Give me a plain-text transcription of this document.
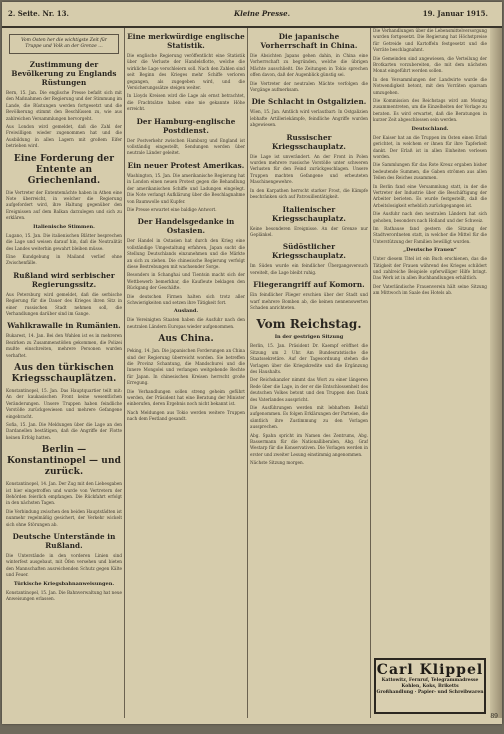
2. Seite. Nr. 13.	Kleine Presse.	19. Januar 1915.
Vom Osten her die wichtigste Zeit für Truppe und Volk an der Grenze …
Zustimmung der Bevölkerung zu Englands Rüstungen

Bern, 15. Jan. Die englische Presse befaßt sich mit den Maßnahmen der Regierung und der Stimmung im Lande, die Rüstungen werden fortgesetzt und die Bevölkerung stimmt den Beschlüssen zu, wie aus zahlreichen Versammlungen hervorgeht.

Aus London wird gemeldet, daß die Zahl der Freiwilligen wieder zugenommen hat und die Ausbildung in allen Lagern mit großem Eifer betrieben wird.

Eine Forderung der Entente an Griechenland.

Die Vertreter der Ententemächte haben in Athen eine Note überreicht, in welcher die Regierung aufgefordert wird, ihre Haltung gegenüber den Ereignissen auf dem Balkan darzulegen und sich zu erklären.

Italienische Stimmen.

Lugano, 15. Jan. Die italienischen Blätter besprechen die Lage und weisen darauf hin, daß die Neutralität des Landes weiterhin gewahrt bleiben müsse.

Eine Kundgebung in Mailand verlief ohne Zwischenfälle.

Rußland wird serbischer Regierungssitz.

Aus Petersburg wird gemeldet, daß die serbische Regierung für die Dauer des Krieges ihren Sitz in einer russischen Stadt nehmen soll, die Verhandlungen darüber sind im Gange.

Wahlkrawalle in Rumänien.

Bukarest, 14. Jan. Bei den Wahlen ist es in mehreren Bezirken zu Zusammenstößen gekommen, die Polizei mußte einschreiten, mehrere Personen wurden verhaftet.

Aus den türkischen Kriegsschauplätzen.

Konstantinopel, 15. Jan. Das Hauptquartier teilt mit: An der kaukasischen Front keine wesentlichen Veränderungen. Unsere Truppen haben feindliche Vorstöße zurückgewiesen und mehrere Gefangene eingebracht.

Sofia, 15. Jan. Die Meldungen über die Lage an den Dardanellen bestätigen, daß die Angriffe der Flotte keinen Erfolg hatten.

Berlin — Konstantinopel — und zurück.

Konstantinopel, 14. Jan. Der Zug mit den Liebesgaben ist hier eingetroffen und wurde von Vertretern der Behörden feierlich empfangen. Die Rückfahrt erfolgt in den nächsten Tagen.

Die Verbindung zwischen den beiden Hauptstädten ist nunmehr regelmäßig gesichert, der Verkehr wickelt sich ohne Störungen ab.

Deutsche Unterstände in Rußland.

Die Unterstände in den vorderen Linien sind winterfest ausgebaut, mit Öfen versehen und bieten den Mannschaften ausreichenden Schutz gegen Kälte und Feuer.

Türkische Kriegsbahnanweisungen.

Konstantinopel, 15. Jan. Die Bahnverwaltung hat neue Anweisungen erlassen.

Eine merkwürdige englische Statistik.

Die englische Regierung veröffentlicht eine Statistik über die Verluste der Handelsflotte, welche die wirkliche Lage verschleiern soll. Nach den Zahlen sind seit Beginn des Krieges mehr Schiffe verloren gegangen, als zugegeben wird, und die Versicherungssätze steigen weiter.

In Lloyds Kreisen wird die Lage als ernst betrachtet, die Frachtsätze haben eine nie gekannte Höhe erreicht.

Der Hamburg-englische Postdienst.

Der Postverkehr zwischen Hamburg und England ist vollständig eingestellt, Sendungen werden über neutrale Länder geleitet.

Ein neuer Protest Amerikas.

Washington, 15. Jan. Die amerikanische Regierung hat in London einen neuen Protest gegen die Behandlung der amerikanischen Schiffe und Ladungen eingelegt. Die Note verlangt Aufklärung über die Beschlagnahme von Baumwolle und Kupfer.

Die Presse erwartet eine baldige Antwort.

Der Handelsgedanke in Ostasien.

Der Handel in Ostasien hat durch den Krieg eine vollständige Umgestaltung erfahren, Japan sucht die Stellung Deutschlands einzunehmen und die Märkte an sich zu ziehen. Die chinesische Regierung verfolgt diese Bestrebungen mit wachsender Sorge.

Besonders in Schanghai und Tientsin macht sich der Wettbewerb bemerkbar, die Kaufleute beklagen den Rückgang der Geschäfte.

Die deutschen Firmen halten sich trotz aller Schwierigkeiten und setzen ihre Tätigkeit fort.

Ausland.

Die Vereinigten Staaten haben die Ausfuhr nach den neutralen Ländern Europas wieder aufgenommen.

Aus China.

Peking, 14. Jan. Die japanischen Forderungen an China sind der Regierung überreicht worden. Sie betreffen die Provinz Schantung, die Mandschurei und die Innere Mongolei und verlangen weitgehende Rechte für Japan. In chinesischen Kreisen herrscht große Erregung.

Die Verhandlungen sollen streng geheim geführt werden, der Präsident hat eine Beratung der Minister einberufen, deren Ergebnis noch nicht bekannt ist.

Nach Meldungen aus Tokio werden weitere Truppen nach dem Festland gesandt.

Die japanische Vorherrschaft in China.

Die Absichten Japans gehen dahin, in China eine Vorherrschaft zu begründen, welche die übrigen Mächte ausschließt. Die Zeitungen in Tokio sprechen offen davon, daß der Augenblick günstig sei.

Die Vertreter der neutralen Mächte verfolgen die Vorgänge aufmerksam.

Die Schlacht in Ostgalizien.

Wien, 15. Jan. Amtlich wird verlautbart: In Ostgalizien lebhafte Artilleriekämpfe, feindliche Angriffe wurden abgewiesen.

Russischer Kriegsschauplatz.

Die Lage ist unverändert. An der Front in Polen wurden mehrere russische Vorstöße unter schweren Verlusten für den Feind zurückgeschlagen. Unsere Truppen machten Gefangene und erbeuteten Maschinengewehre.

In den Karpathen herrscht starker Frost, die Kämpfe beschränken sich auf Patrouillentätigkeit.

Italienischer Kriegsschauplatz.

Keine besonderen Ereignisse. An der Grenze nur Geplänkel.

Südöstlicher Kriegsschauplatz.

Im Süden wurde ein feindlicher Übergangsversuch vereitelt, die Lage bleibt ruhig.

Fliegerangriff auf Komorn.

Ein feindlicher Flieger erschien über der Stadt und warf mehrere Bomben ab, die keinen nennenswerten Schaden anrichteten.

Vom Reichstag.
In der gestrigen Sitzung

Berlin, 15. Jan. Präsident Dr. Kaempf eröffnet die Sitzung um 2 Uhr. Am Bundesratstische die Staatssekretäre. Auf der Tagesordnung stehen die Vorlagen über die Kriegskredite und die Ergänzung des Haushalts.

Der Reichskanzler nimmt das Wort zu einer längeren Rede über die Lage, in der er die Entschlossenheit des deutschen Volkes betont und den Truppen den Dank des Vaterlandes ausspricht.

Die Ausführungen werden mit lebhaftem Beifall aufgenommen. Es folgen Erklärungen der Parteien, die sämtlich ihre Zustimmung zu den Vorlagen aussprechen.

Abg. Spahn spricht im Namen des Zentrums, Abg. Bassermann für die Nationalliberalen, Abg. Graf Westarp für die Konservativen. Die Vorlagen werden in erster und zweiter Lesung einstimmig angenommen.

Nächste Sitzung morgen.

Die Verhandlungen über die Lebensmittelversorgung wurden fortgesetzt. Die Regierung hat Höchstpreise für Getreide und Kartoffeln festgesetzt und die Vorräte beschlagnahmt.

Die Gemeinden sind angewiesen, die Verteilung der Brotkarten vorzubereiten, die mit dem nächsten Monat eingeführt werden sollen.

In den Versammlungen der Landwirte wurde die Notwendigkeit betont, mit den Vorräten sparsam umzugehen.

Die Kommission des Reichstags wird am Montag zusammentreten, um die Einzelheiten der Vorlage zu beraten. Es wird erwartet, daß die Beratungen in kurzer Zeit abgeschlossen sein werden.

Deutschland.

Der Kaiser hat an die Truppen im Osten einen Erlaß gerichtet, in welchem er ihnen für ihre Tapferkeit dankt. Der Erlaß ist in allen Einheiten verlesen worden.

Die Sammlungen für das Rote Kreuz ergaben bisher bedeutende Summen, die Gaben strömen aus allen Teilen des Reiches zusammen.

In Berlin fand eine Versammlung statt, in der die Vertreter der Industrie über die Beschäftigung der Arbeiter berieten. Es wurde festgestellt, daß die Arbeitslosigkeit erheblich zurückgegangen ist.

Die Ausfuhr nach den neutralen Ländern hat sich gehoben, besonders nach Holland und der Schweiz.

Im Rathause fand gestern die Sitzung der Stadtverordneten statt, in welcher die Mittel für die Unterstützung der Familien bewilligt wurden.

„Deutsche Frauen“

Unter diesem Titel ist ein Buch erschienen, das die Tätigkeit der Frauen während des Krieges schildert und zahlreiche Beispiele opferwilliger Hilfe bringt. Das Werk ist in allen Buchhandlungen erhältlich.

Der Vaterländische Frauenverein hält seine Sitzung am Mittwoch im Saale des Hotels ab.

Carl Klippel
Kattowitz, Fernruf, Telegrammadresse
Kohlen, Koks, Briketts
Großhandlung · Papier- und Schreibwaren
89
